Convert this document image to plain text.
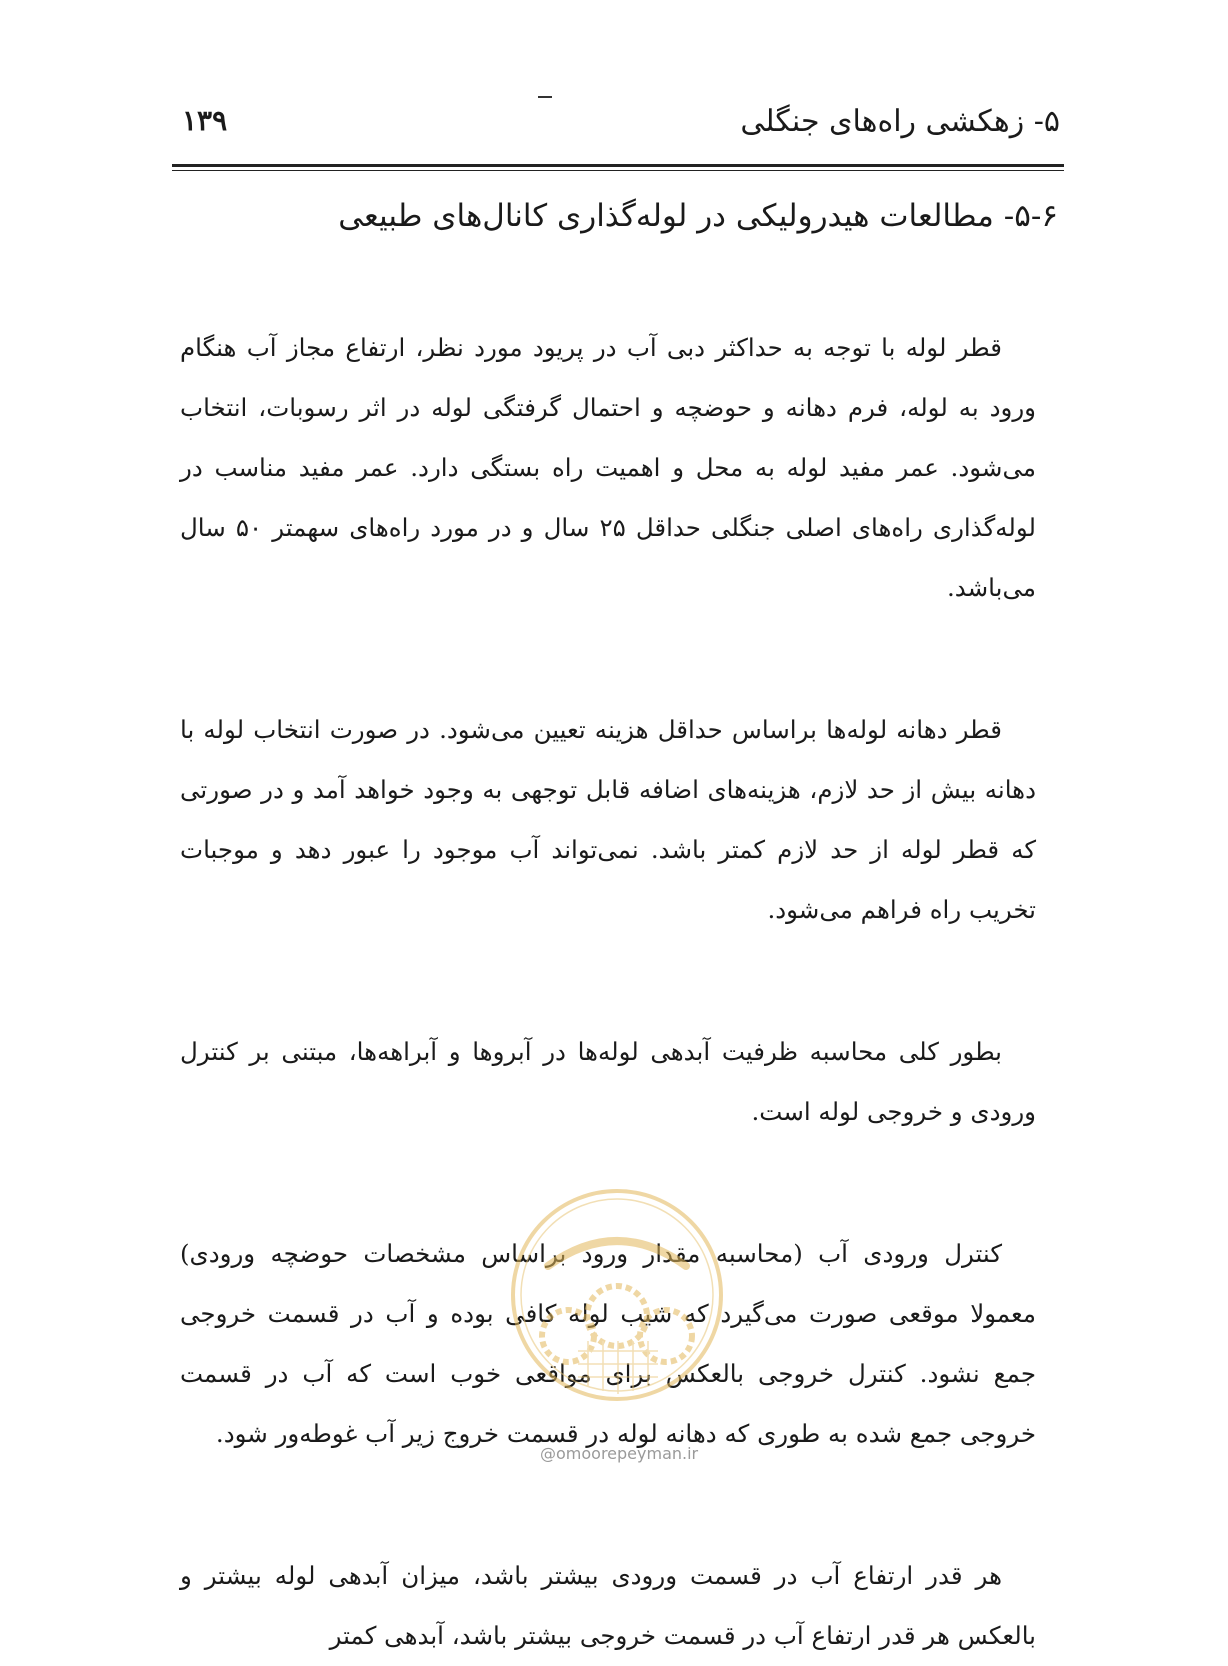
۵- زهکشی راه‌های جنگلی
۱۳۹
۵-۶- مطالعات هیدرولیکی در لوله‌گذاری کانال‌های طبیعی

قطر لوله با توجه به حداکثر دبی آب در پریود مورد نظر، ارتفاع مجاز آب هنگام ورود به لوله، فرم دهانه و حوضچه و احتمال گرفتگی لوله در اثر رسوبات، انتخاب می‌شود. عمر مفید لوله به محل و اهمیت راه بستگی دارد. عمر مفید مناسب در لوله‌گذاری راه‌های اصلی جنگلی حداقل ۲۵ سال و در مورد راه‌های سهمتر ۵۰ سال می‌باشد.

قطر دهانه لوله‌ها براساس حداقل هزینه تعیین می‌شود. در صورت انتخاب لوله با دهانه بیش از حد لازم، هزینه‌های اضافه قابل توجهی به وجود خواهد آمد و در صورتی که قطر لوله از حد لازم کمتر باشد. نمی‌تواند آب موجود را عبور دهد و موجبات تخریب راه فراهم می‌شود.

بطور کلی محاسبه ظرفیت آبدهی لوله‌ها در آبروها و آبراهه‌ها، مبتنی بر کنترل ورودی و خروجی لوله است.

کنترل ورودی آب (محاسبه مقدار ورود براساس مشخصات حوضچه ورودی) معمولا موقعی صورت می‌گیرد که شیب لوله کافی بوده و آب در قسمت خروجی جمع نشود. کنترل خروجی بالعکس برای مواقعی خوب است که آب در قسمت خروجی جمع شده به طوری که دهانه لوله در قسمت خروج زیر آب غوطه‌ور شود.

هر قدر ارتفاع آب در قسمت ورودی بیشتر باشد، میزان آبدهی لوله بیشتر و بالعکس هر قدر ارتفاع آب در قسمت خروجی بیشتر باشد، آبدهی کمتر

@omoorepeyman.ir
